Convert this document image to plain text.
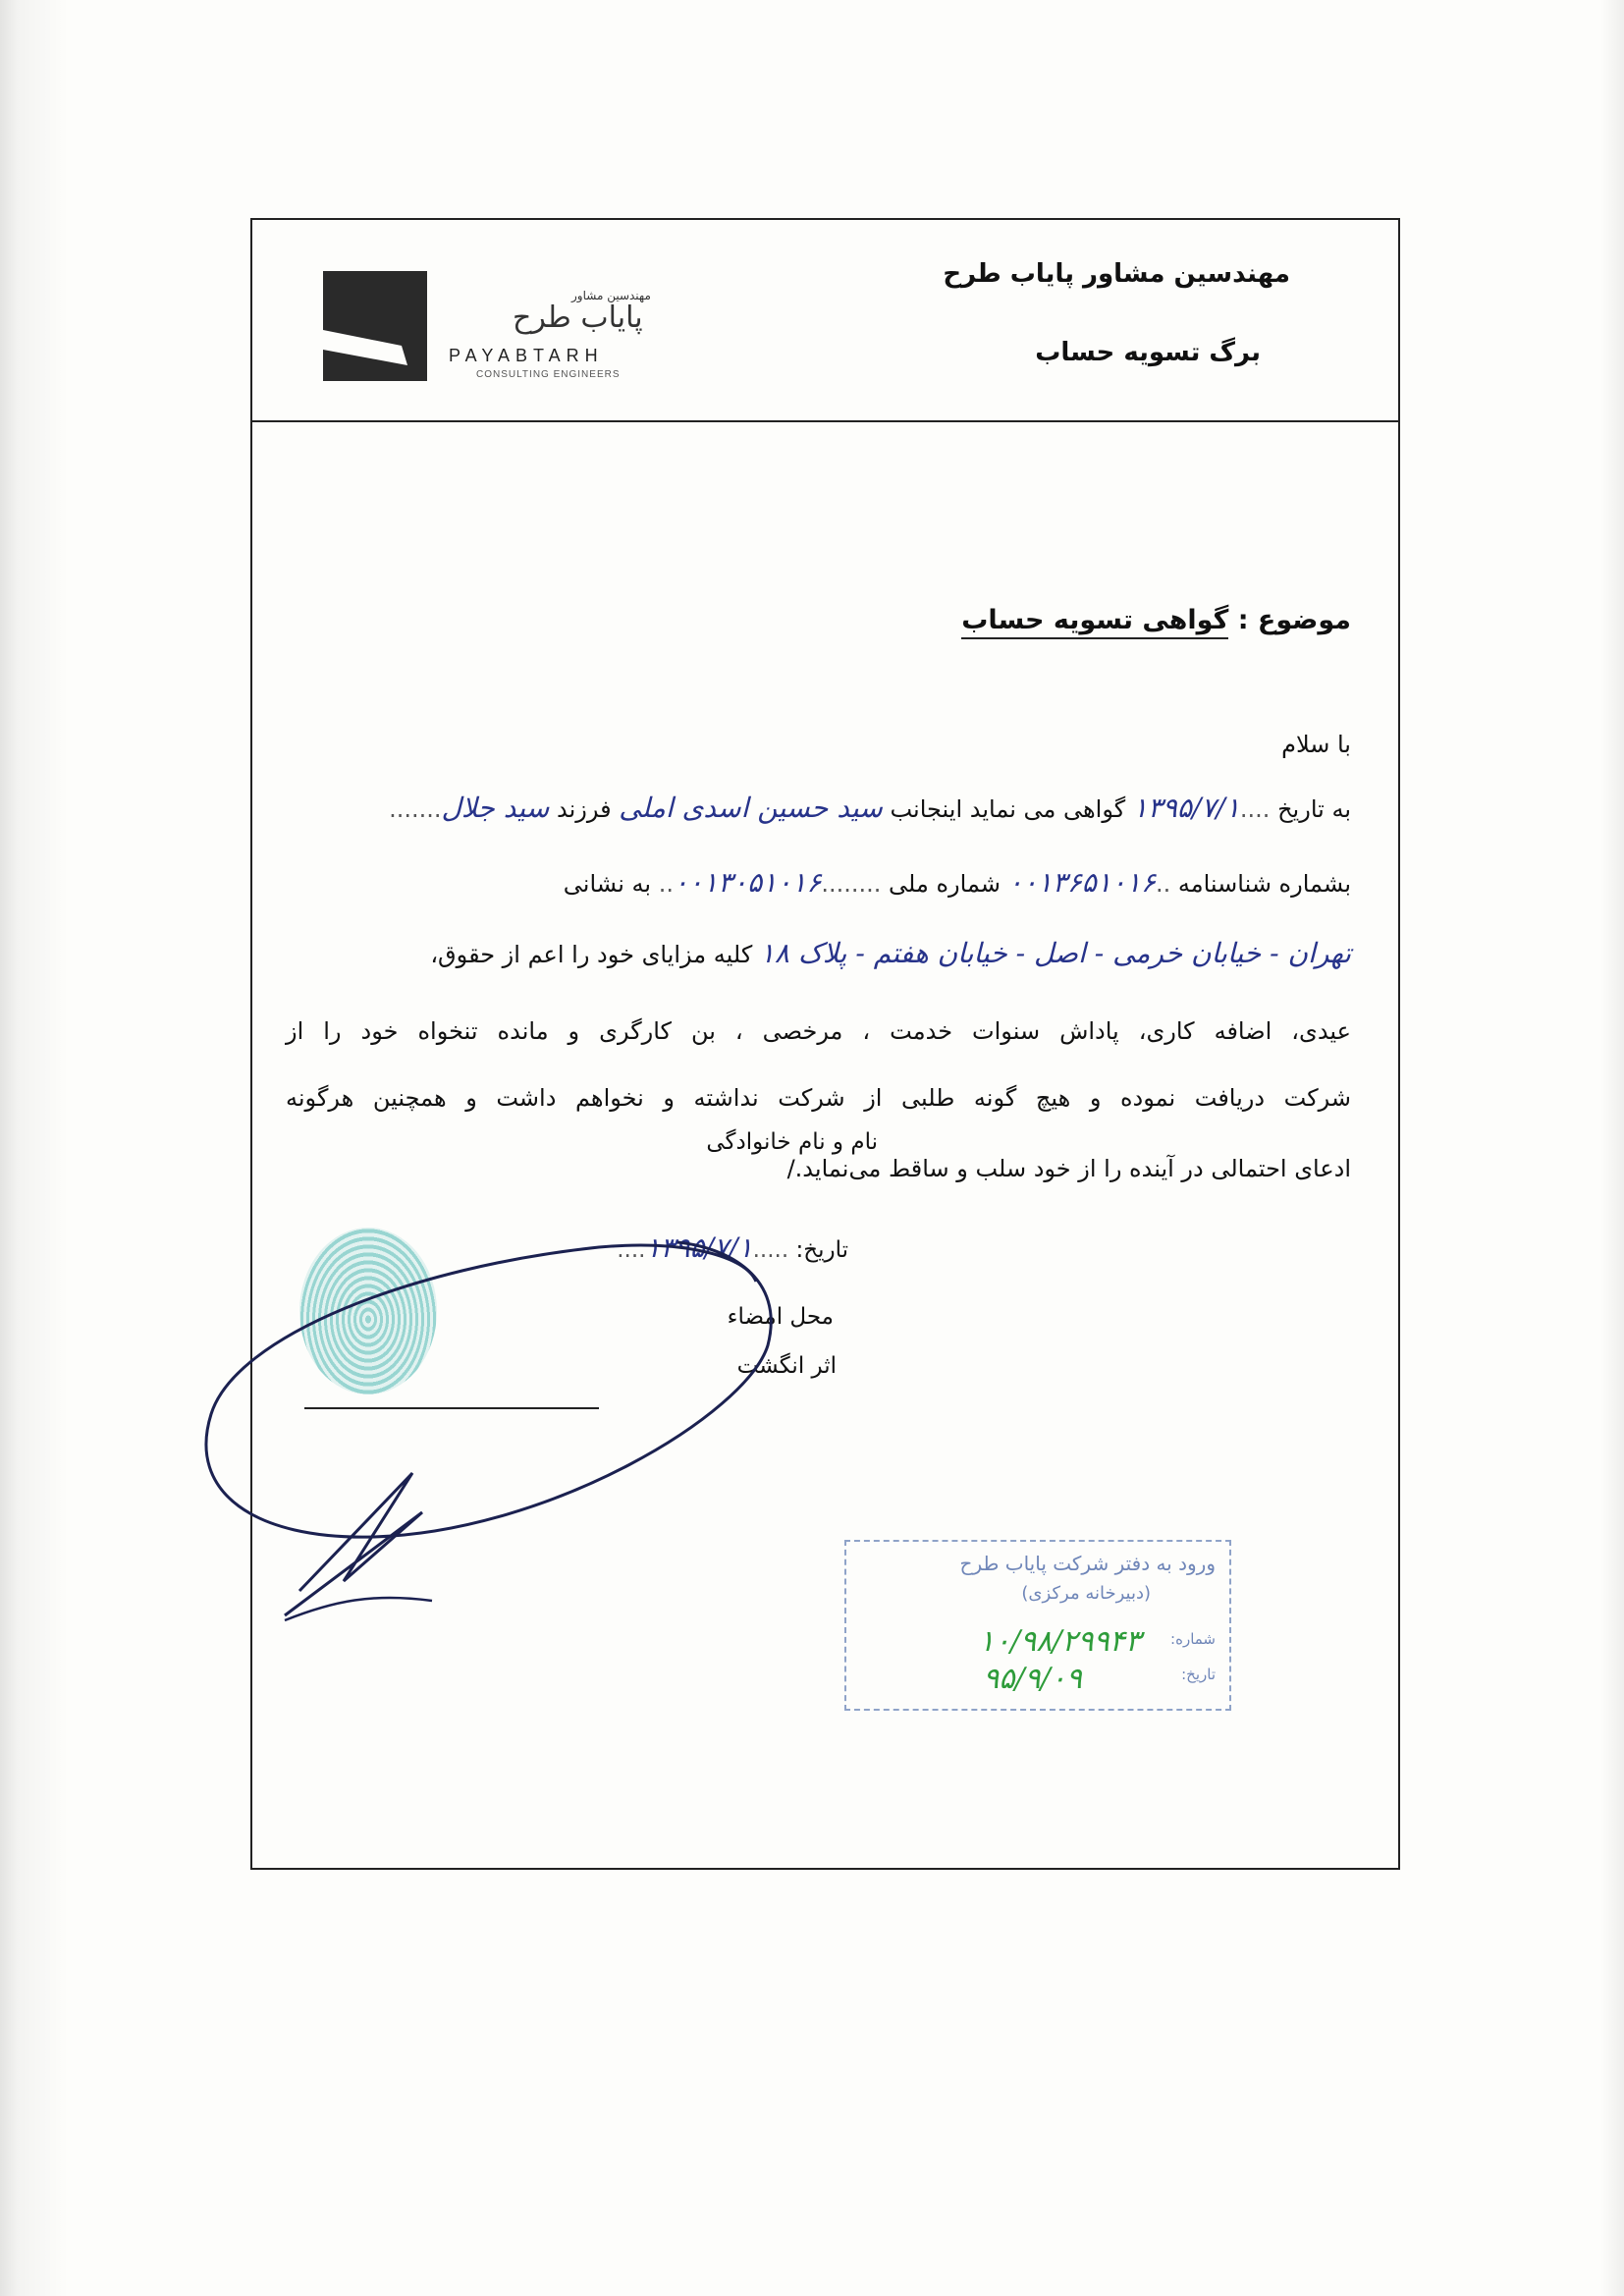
مهندسین مشاور پایاب طرح
برگ تسویه حساب
مهندسین مشاور
پایاب طرح
PAYABTARH
CONSULTING ENGINEERS
موضوع : گواهی تسویه حساب
با سلام
به تاریخ ....۱۳۹۵/۷/۱ گواهی می نماید اینجانب سید حسین اسدی املی فرزند سید جلال.......
بشماره شناسنامه ..۰۰۱۳۶۵۱۰۱۶ شماره ملی ........۰۰۱۳۰۵۱۰۱۶.. به نشانی
تهران - خیابان خرمی - اصل - خیابان هفتم - پلاک ۱۸ کلیه مزایای خود را اعم از حقوق،
عیدی، اضافه کاری، پاداش سنوات خدمت ، مرخصی ، بن کارگری و مانده تنخواه خود را از
شرکت دریافت نموده و هیچ گونه طلبی از شرکت نداشته و نخواهم داشت و همچنین هرگونه
ادعای احتمالی در آینده را از خود سلب و ساقط می‌نماید./
نام و نام خانوادگی
تاریخ: .....۱۳۹۵/۷/۱....
محل امضاء
اثر انگشت
ورود به دفتر شرکت پایاب طرح
(دبیرخانه مرکزی)
شماره:
تاریخ:
۱۰/۹۸/۲۹۹۴۳
۹۵/۹/۰۹
